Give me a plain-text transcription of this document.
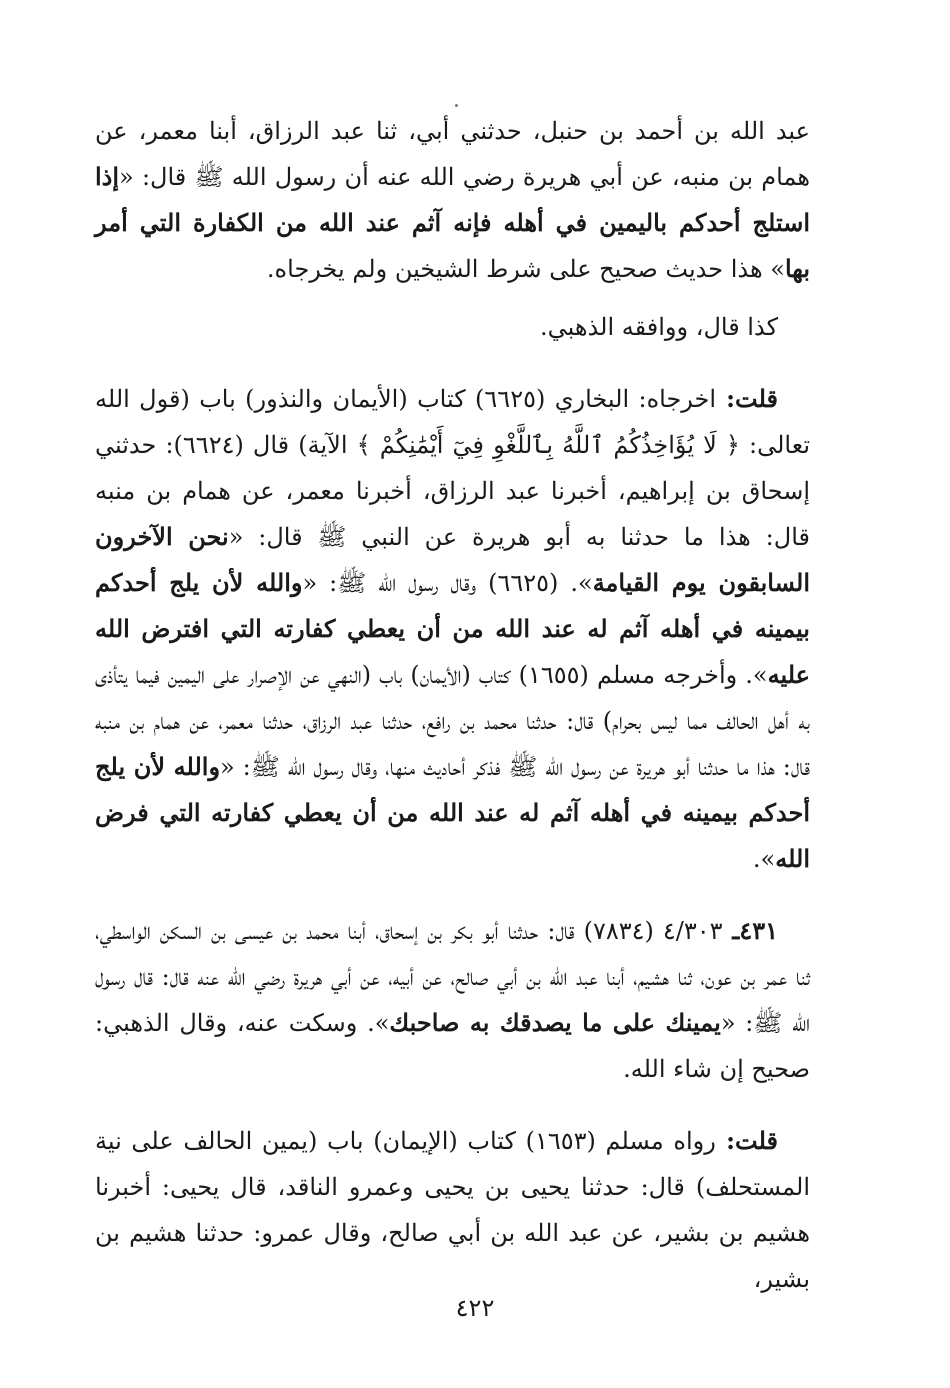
عبد الله بن أحمد بن حنبل، حدثني أبي، ثنا عبد الرزاق، أبنا معمر، عن همام بن منبه، عن أبي هريرة رضي الله عنه أن رسول الله ﷺ قال: «إذا استلج أحدكم باليمين في أهله فإنه آثم عند الله من الكفارة التي أمر بها» هذا حديث صحيح على شرط الشيخين ولم يخرجاه.

كذا قال، ووافقه الذهبي.

قلت: اخرجاه: البخاري (٦٦٢٥) كتاب (الأيمان والنذور) باب (قول الله تعالى: ﴿ لَا يُؤَاخِذُكُمُ ٱللَّهُ بِٱللَّغْوِ فِيٓ أَيْمَٰنِكُمْ ﴾ الآية) قال (٦٦٢٤): حدثني إسحاق بن إبراهيم، أخبرنا عبد الرزاق، أخبرنا معمر، عن همام بن منبه قال: هذا ما حدثنا به أبو هريرة عن النبي ﷺ قال: «نحن الآخرون السابقون يوم القيامة». (٦٦٢٥) وقال رسول الله ﷺ: «والله لأن يلج أحدكم بيمينه في أهله آثم له عند الله من أن يعطي كفارته التي افترض الله عليه». وأخرجه مسلم (١٦٥٥) كتاب (الأيمان) باب (النهي عن الإصرار على اليمين فيما يتأذى به أهل الحالف مما ليس بحرام) قال: حدثنا محمد بن رافع، حدثنا عبد الرزاق، حدثنا معمر، عن همام بن منبه قال: هذا ما حدثنا أبو هريرة عن رسول الله ﷺ فذكر أحاديث منها، وقال رسول الله ﷺ: «والله لأن يلج أحدكم بيمينه في أهله آثم له عند الله من أن يعطي كفارته التي فرض الله».

٤٣١ـ ٤/٣٠٣ (٧٨٣٤) قال: حدثنا أبو بكر بن إسحاق، أبنا محمد بن عيسى بن السكن الواسطي، ثنا عمر بن عون، ثنا هشيم، أبنا عبد الله بن أبي صالح، عن أبيه، عن أبي هريرة رضي الله عنه قال: قال رسول الله ﷺ: «يمينك على ما يصدقك به صاحبك». وسكت عنه، وقال الذهبي: صحيح إن شاء الله.

قلت: رواه مسلم (١٦٥٣) كتاب (الإيمان) باب (يمين الحالف على نية المستحلف) قال: حدثنا يحيى بن يحيى وعمرو الناقد، قال يحيى: أخبرنا هشيم بن بشير، عن عبد الله بن أبي صالح، وقال عمرو: حدثنا هشيم بن بشير،

٤٢٢
